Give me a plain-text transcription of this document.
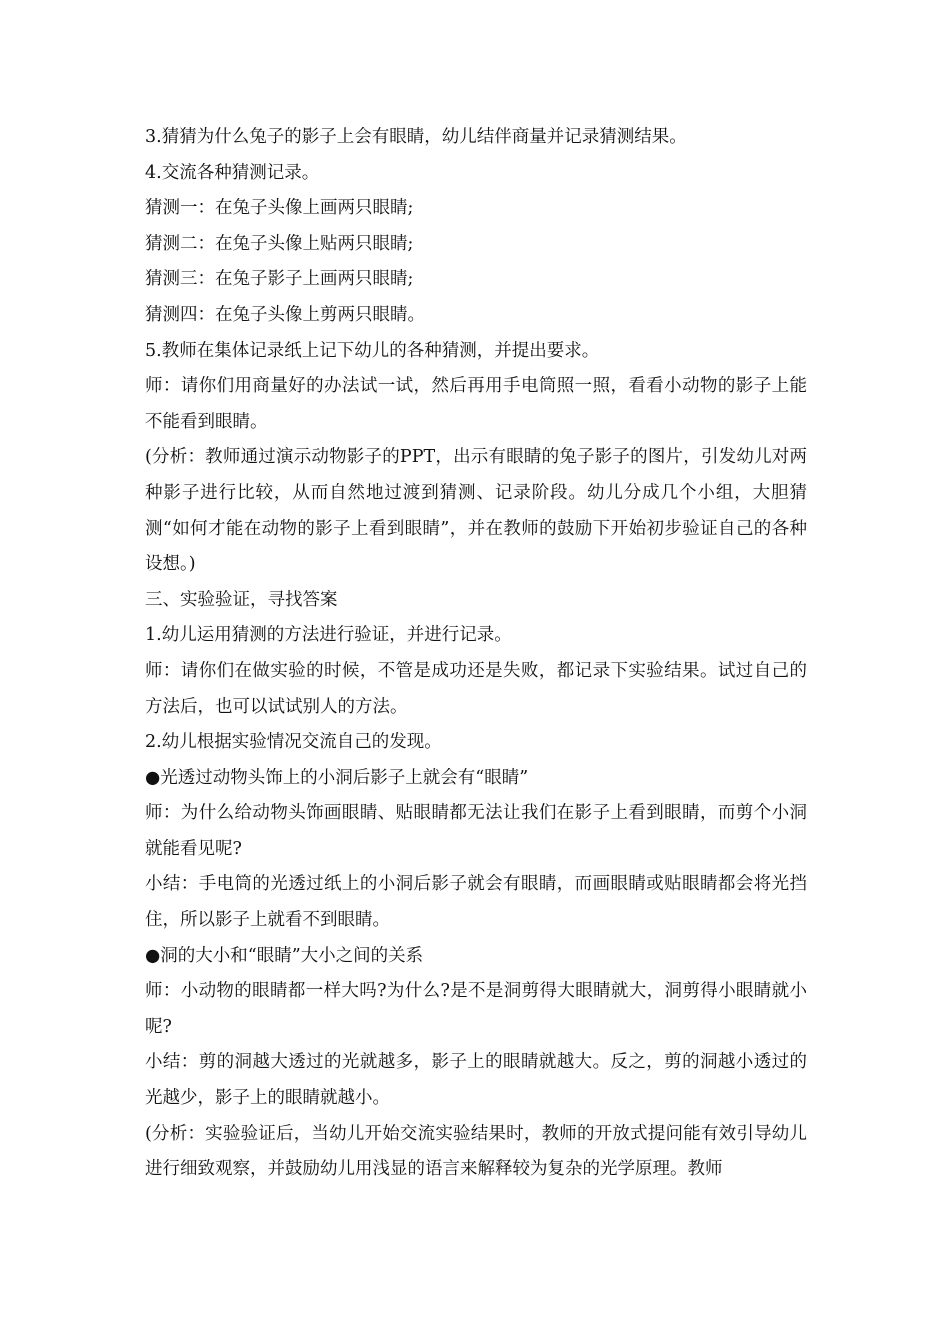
3.猜猜为什么兔子的影子上会有眼睛，幼儿结伴商量并记录猜测结果。

4.交流各种猜测记录。

猜测一：在兔子头像上画两只眼睛;

猜测二：在兔子头像上贴两只眼睛;

猜测三：在兔子影子上画两只眼睛;

猜测四：在兔子头像上剪两只眼睛。

5.教师在集体记录纸上记下幼儿的各种猜测，并提出要求。

师：请你们用商量好的办法试一试，然后再用手电筒照一照，看看小动物的影子上能不能看到眼睛。

(分析：教师通过演示动物影子的PPT，出示有眼睛的兔子影子的图片，引发幼儿对两种影子进行比较，从而自然地过渡到猜测、记录阶段。幼儿分成几个小组，大胆猜测“如何才能在动物的影子上看到眼睛”，并在教师的鼓励下开始初步验证自己的各种设想。)

三、实验验证，寻找答案

1.幼儿运用猜测的方法进行验证，并进行记录。

师：请你们在做实验的时候，不管是成功还是失败，都记录下实验结果。试过自己的方法后，也可以试试别人的方法。

2.幼儿根据实验情况交流自己的发现。

●光透过动物头饰上的小洞后影子上就会有“眼睛”

师：为什么给动物头饰画眼睛、贴眼睛都无法让我们在影子上看到眼睛，而剪个小洞就能看见呢?

小结：手电筒的光透过纸上的小洞后影子就会有眼睛，而画眼睛或贴眼睛都会将光挡住，所以影子上就看不到眼睛。

●洞的大小和“眼睛”大小之间的关系

师：小动物的眼睛都一样大吗?为什么?是不是洞剪得大眼睛就大，洞剪得小眼睛就小呢?

小结：剪的洞越大透过的光就越多，影子上的眼睛就越大。反之，剪的洞越小透过的光越少，影子上的眼睛就越小。

(分析：实验验证后，当幼儿开始交流实验结果时，教师的开放式提问能有效引导幼儿进行细致观察，并鼓励幼儿用浅显的语言来解释较为复杂的光学原理。教师
